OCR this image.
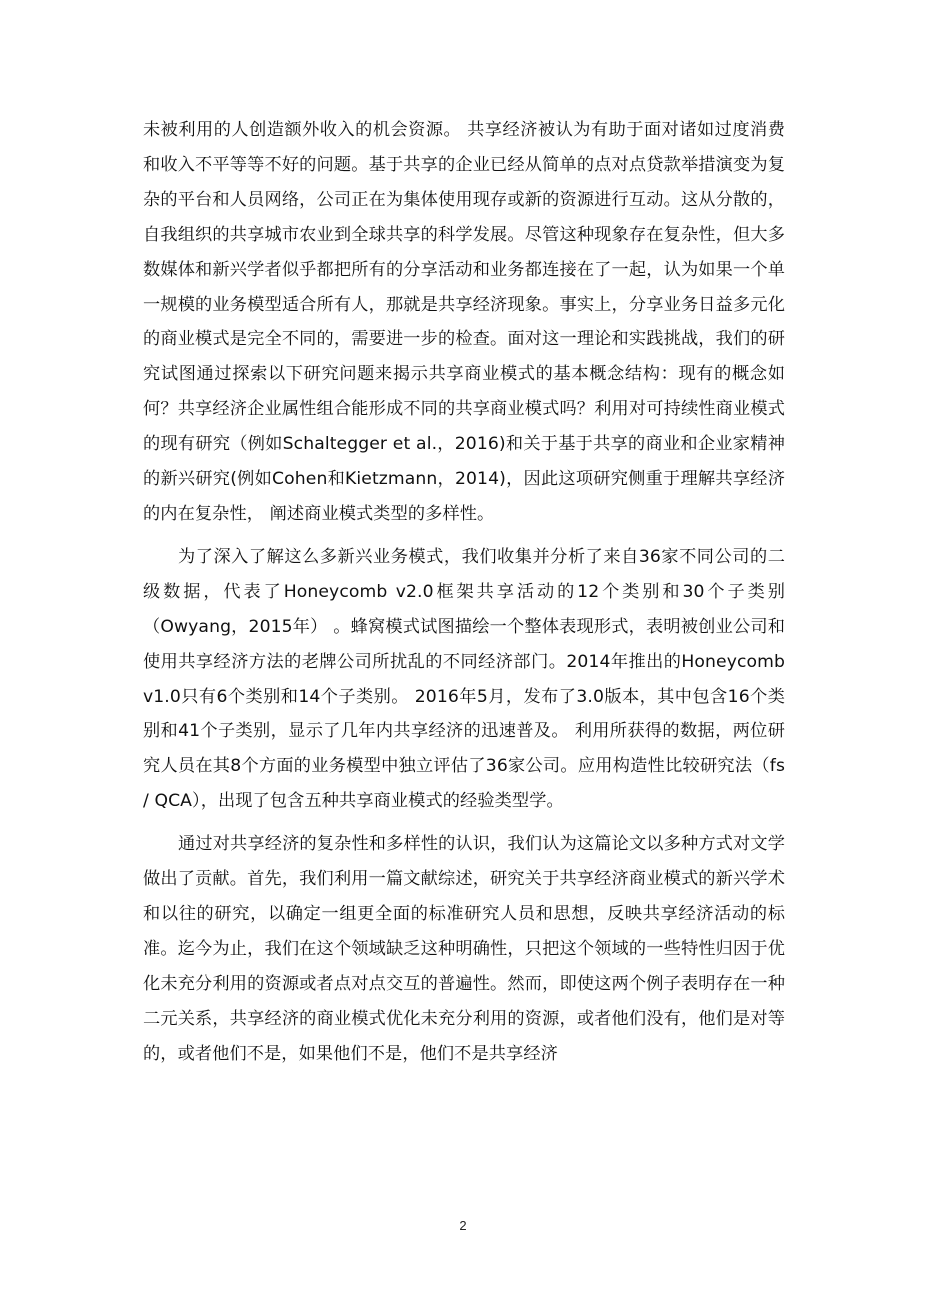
未被利用的人创造额外收入的机会资源。 共享经济被认为有助于面对诸如过度消费和收入不平等等不好的问题。基于共享的企业已经从简单的点对点贷款举措演变为复杂的平台和人员网络，公司正在为集体使用现存或新的资源进行互动。这从分散的，自我组织的共享城市农业到全球共享的科学发展。尽管这种现象存在复杂性，但大多数媒体和新兴学者似乎都把所有的分享活动和业务都连接在了一起，认为如果一个单一规模的业务模型适合所有人，那就是共享经济现象。事实上，分享业务日益多元化的商业模式是完全不同的，需要进一步的检查。面对这一理论和实践挑战，我们的研究试图通过探索以下研究问题来揭示共享商业模式的基本概念结构：现有的概念如何？共享经济企业属性组合能形成不同的共享商业模式吗？利用对可持续性商业模式的现有研究（例如Schaltegger et al.，2016)和关于基于共享的商业和企业家精神的新兴研究(例如Cohen和Kietzmann，2014)，因此这项研究侧重于理解共享经济的内在复杂性， 阐述商业模式类型的多样性。

为了深入了解这么多新兴业务模式，我们收集并分析了来自36家不同公司的二级数据，代表了Honeycomb v2.0框架共享活动的12个类别和30个子类别（Owyang，2015年） 。蜂窝模式试图描绘一个整体表现形式，表明被创业公司和使用共享经济方法的老牌公司所扰乱的不同经济部门。2014年推出的Honeycomb v1.0只有6个类别和14个子类别。 2016年5月，发布了3.0版本，其中包含16个类别和41个子类别，显示了几年内共享经济的迅速普及。 利用所获得的数据，两位研究人员在其8个方面的业务模型中独立评估了36家公司。应用构造性比较研究法（fs / QCA），出现了包含五种共享商业模式的经验类型学。

通过对共享经济的复杂性和多样性的认识，我们认为这篇论文以多种方式对文学做出了贡献。首先，我们利用一篇文献综述，研究关于共享经济商业模式的新兴学术和以往的研究，以确定一组更全面的标准研究人员和思想，反映共享经济活动的标准。迄今为止，我们在这个领域缺乏这种明确性，只把这个领域的一些特性归因于优化未充分利用的资源或者点对点交互的普遍性。然而，即使这两个例子表明存在一种二元关系，共享经济的商业模式优化未充分利用的资源，或者他们没有，他们是对等的，或者他们不是，如果他们不是，他们不是共享经济

2
